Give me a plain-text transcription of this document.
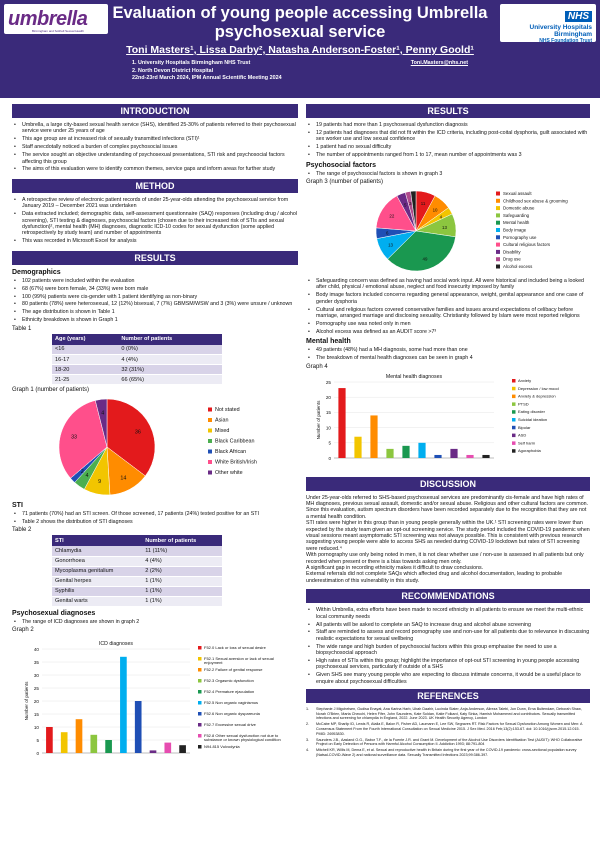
umbrella
Birmingham and Solihull Sexual Health
Evaluation of young people accessing Umbrella
psychosexual service
NHS
University Hospitals
Birmingham
NHS Foundation Trust
Toni Masters¹, Lissa Darby², Natasha Anderson-Foster¹, Penny Goold¹
1. University Hospitals Birmingham NHS Trust
2. North Devon District Hospital
22nd-23rd March 2024, IPM Annual Scientific Meeting 2024
Toni.Masters@nhs.net
INTRODUCTION
• Umbrella, a large city-based sexual health service (SHS), identified 25-30% of patients referred to their psychosexual service were under 25 years of age
• This age group are at increased risk of sexually transmitted infections (STI)¹
• Staff anecdotally noticed a burden of complex psychosocial issues
• The service sought an objective understanding of psychosexual presentations, STI risk and psychosocial factors affecting this group
• The aims of this evaluation were to identify common themes, service gaps and inform areas for further study
METHOD
• A retrospective review of electronic patient records of under 25-year-olds attending the psychosexual service from January 2019 – December 2021 was undertaken
• Data extracted included; demographic data, self-assessment questionnaire (SAQ) responses (including drug / alcohol screening), STI testing & diagnoses, psychosocial factors (chosen due to their increased risk of STIs and sexual dysfunction)², mental health (MH) diagnoses, diagnostic ICD-10 codes for sexual dysfunction (some applied retrospectively by study team) and number of appointments
• This was recorded in Microsoft Excel for analysis
RESULTS
Demographics
• 102 patients were included within the evaluation
• 68 (67%) were born female, 34 (33%) were born male
• 100 (99%) patients were cis-gender with 1 patient identifying as non-binary
• 80 patients (78%) were heterosexual, 12 (12%) bisexual, 7 (7%) GBMSM/WSW and 3 (3%) were unsure / unknown
• The age distribution is shown in Table 1
• Ethnicity breakdown is shown in Graph 1
Table 1
Age (years)	Number of patients
<16	0 (0%)
16-17	4 (4%)
18-20	32 (31%)
21-25	66 (65%)
Graph 1 (number of patients)
36
14
9
4
2
33
4
Not stated
Asian
Mixed
Black Caribbean
Black African
White British/Irish
Other white
STI
• 71 patients (70%) had an STI screen. Of those screened, 17 patients (24%) tested positive for an STI
• Table 2 shows the distribution of STI diagnoses
Table 2
STI	Number of patients
Chlamydia	11 (11%)
Gonorrhoea	4 (4%)
Mycoplasma genitalium	2 (2%)
Genital herpes	1 (1%)
Syphilis	1 (1%)
Genital warts	1 (1%)
Psychosexual diagnoses
• The range of ICD diagnoses are shown in graph 2
Graph 2
ICD diagnoses
0
5
10
15
20
25
30
35
40
Number of patients
F52.0 Lack or loss of sexual desire
F52.1 Sexual aversion or lack of sexual enjoyment
F52.2 Failure of genital response
F52.3 Orgasmic dysfunction
F52.4 Premature ejaculation
F52.5 Non organic vaginismus
F52.6 Non organic dyspareunia
F52.7 Excessive sexual drive
F52.8 Other sexual dysfunction not due to substance or known physiological condition
N94.815 Vulvodynia
RESULTS
• 19 patients had more than 1 psychosexual dysfunction diagnosis
• 12 patients had diagnoses that did not fit within the ICD criteria, including post-coital dysphoria, guilt associated with sex worker use and low sexual confidence
• 1 patient had no sexual difficulty
• The number of appointments ranged from 1 to 17, mean number of appointments was 3
Psychosocial factors
• The range of psychosocial factors is shown in graph 3
Graph 3 (number of patients)
11
10
4
13
49
13
6
22
5 3 3
Sexual assault
Childhood sex abuse & grooming
Domestic abuse
Safeguarding
Mental health
Body image
Pornography use
Cultural religious factors
Disability
Drug use
Alcohol excess
• Safeguarding concern was defined as having had social work input. All were historical and included being a looked after child, physical / emotional abuse, neglect and food insecurity imposed by family
• Body image factors included concerns regarding general appearance, weight, genital appearance and one case of gender dysphoria
• Cultural and religious factors covered conservative families and issues around expectations of celibacy before marriage, arranged marriage and disclosing sexuality. Christianity followed by Islam were most reported religions
• Pornography use was noted only in men
• Alcohol excess was defined as an AUDIT score >7³
Mental health
• 49 patients (48%) had a MH diagnosis, some had more than one
• The breakdown of mental health diagnoses can be seen in graph 4
Graph 4
Mental health diagnoses
0
5
10
15
20
25
Number of patients
Anxiety
Depression / low mood
Anxiety & depression
PTSD
Eating disorder
Suicidal ideation
Bipolar
ASD
Self harm
Agoraphobia
DISCUSSION

Under 25-year-olds referred to SHS-based psychosexual services are predominantly cis-female and have high rates of MH diagnoses, previous sexual assault, domestic and/or sexual abuse. Religious and other cultural factors are common. Since this evaluation, autism spectrum disorders have been recorded separately due to the recognition that they are not a mental health condition.

STI rates were higher in this group than in young people generally within the UK.¹ STI screening rates were lower than expected by the study team given an opt-out screening service. The study period included the COVID-19 pandemic when visual sessions meant asymptomatic STI screening was not always possible. This is consistent with previous research suggesting young people were able to access SHS as needed during COVID-19 lockdown but rates of STI screening were reduced.⁴

With pornography use only being noted in men, it is not clear whether use / non-use is assessed in all patients but only recorded when present or there is a bias towards asking men only.

A significant gap in recording ethnicity makes it difficult to draw conclusions.

External referrals did not complete SAQs which affected drug and alcohol documentation, leading to probable underestimation of this vulnerability in this study.

RECOMMENDATIONS
• Within Umbrella, extra efforts have been made to record ethnicity in all patients to ensure we meet the multi-ethnic local community needs
• All patients will be asked to complete an SAQ to increase drug and alcohol abuse screening
• Staff are reminded to assess and record pornography use and non-use for all patients due to relevance in discussing realistic expectations for sexual wellbeing
• The wide range and high burden of psychosocial factors within this group emphasise the need to use a biopsychosocial approach
• High rates of STIs within this group; highlight the importance of opt-out STI screening in young people accessing psychosexual services, particularly if outside of a SHS
• Given SHS see many young people who are expecting to discuss intimate concerns, it would be a useful place to enquire about psychosexual difficulties
REFERENCES
1. Stephanie J Migchelsen, Gudisa Enayat, Ana Karina Harb, Ubah Daahir, Lucinda Slater, Anja Anderson, Alireza Talebi, Jon Dunn, Erna Buitendam, Deborah Shaw, Norah O'Brien, Marta Checchi, Helen Fifer, John Saunders, Kate Soldan, Katie Folkard, Katy Sinka, Hamish Mohammed and contributors. Sexually transmitted infections and screening for chlamydia in England, 2022. June 2023. UK Health Security Agency, London
2. McCabe MP, Sharlip ID, Lewis R, Atalla E, Balon R, Fisher AD, Laumann E, Lee SW, Segraves RT. Risk Factors for Sexual Dysfunction Among Women and Men: A Consensus Statement From the Fourth International Consultation on Sexual Medicine 2015. J Sex Med. 2016 Feb;13(2):153-67. doi: 10.1016/j.jsxm.2015.12.015. PMID: 26953830.
3. Saunders J.B., Aasland O.G., Babor T.F., de la Fuente J.R. and Grant M. Development of the Alcohol Use Disorders Identification Test (AUDIT): WHO Collaborative Project on Early Detection of Persons with Harmful Alcohol Consumption II. Addiction 1993; 88:791-804
4. Mitchell KR, Willis M, Dema E, et al. Sexual and reproductive health in Britain during the first year of the COVID-19 pandemic: cross-sectional population survey (Natsal-COVID-Wave 2) and national surveillance data. Sexually Transmitted Infections 2023;99:386-397.
